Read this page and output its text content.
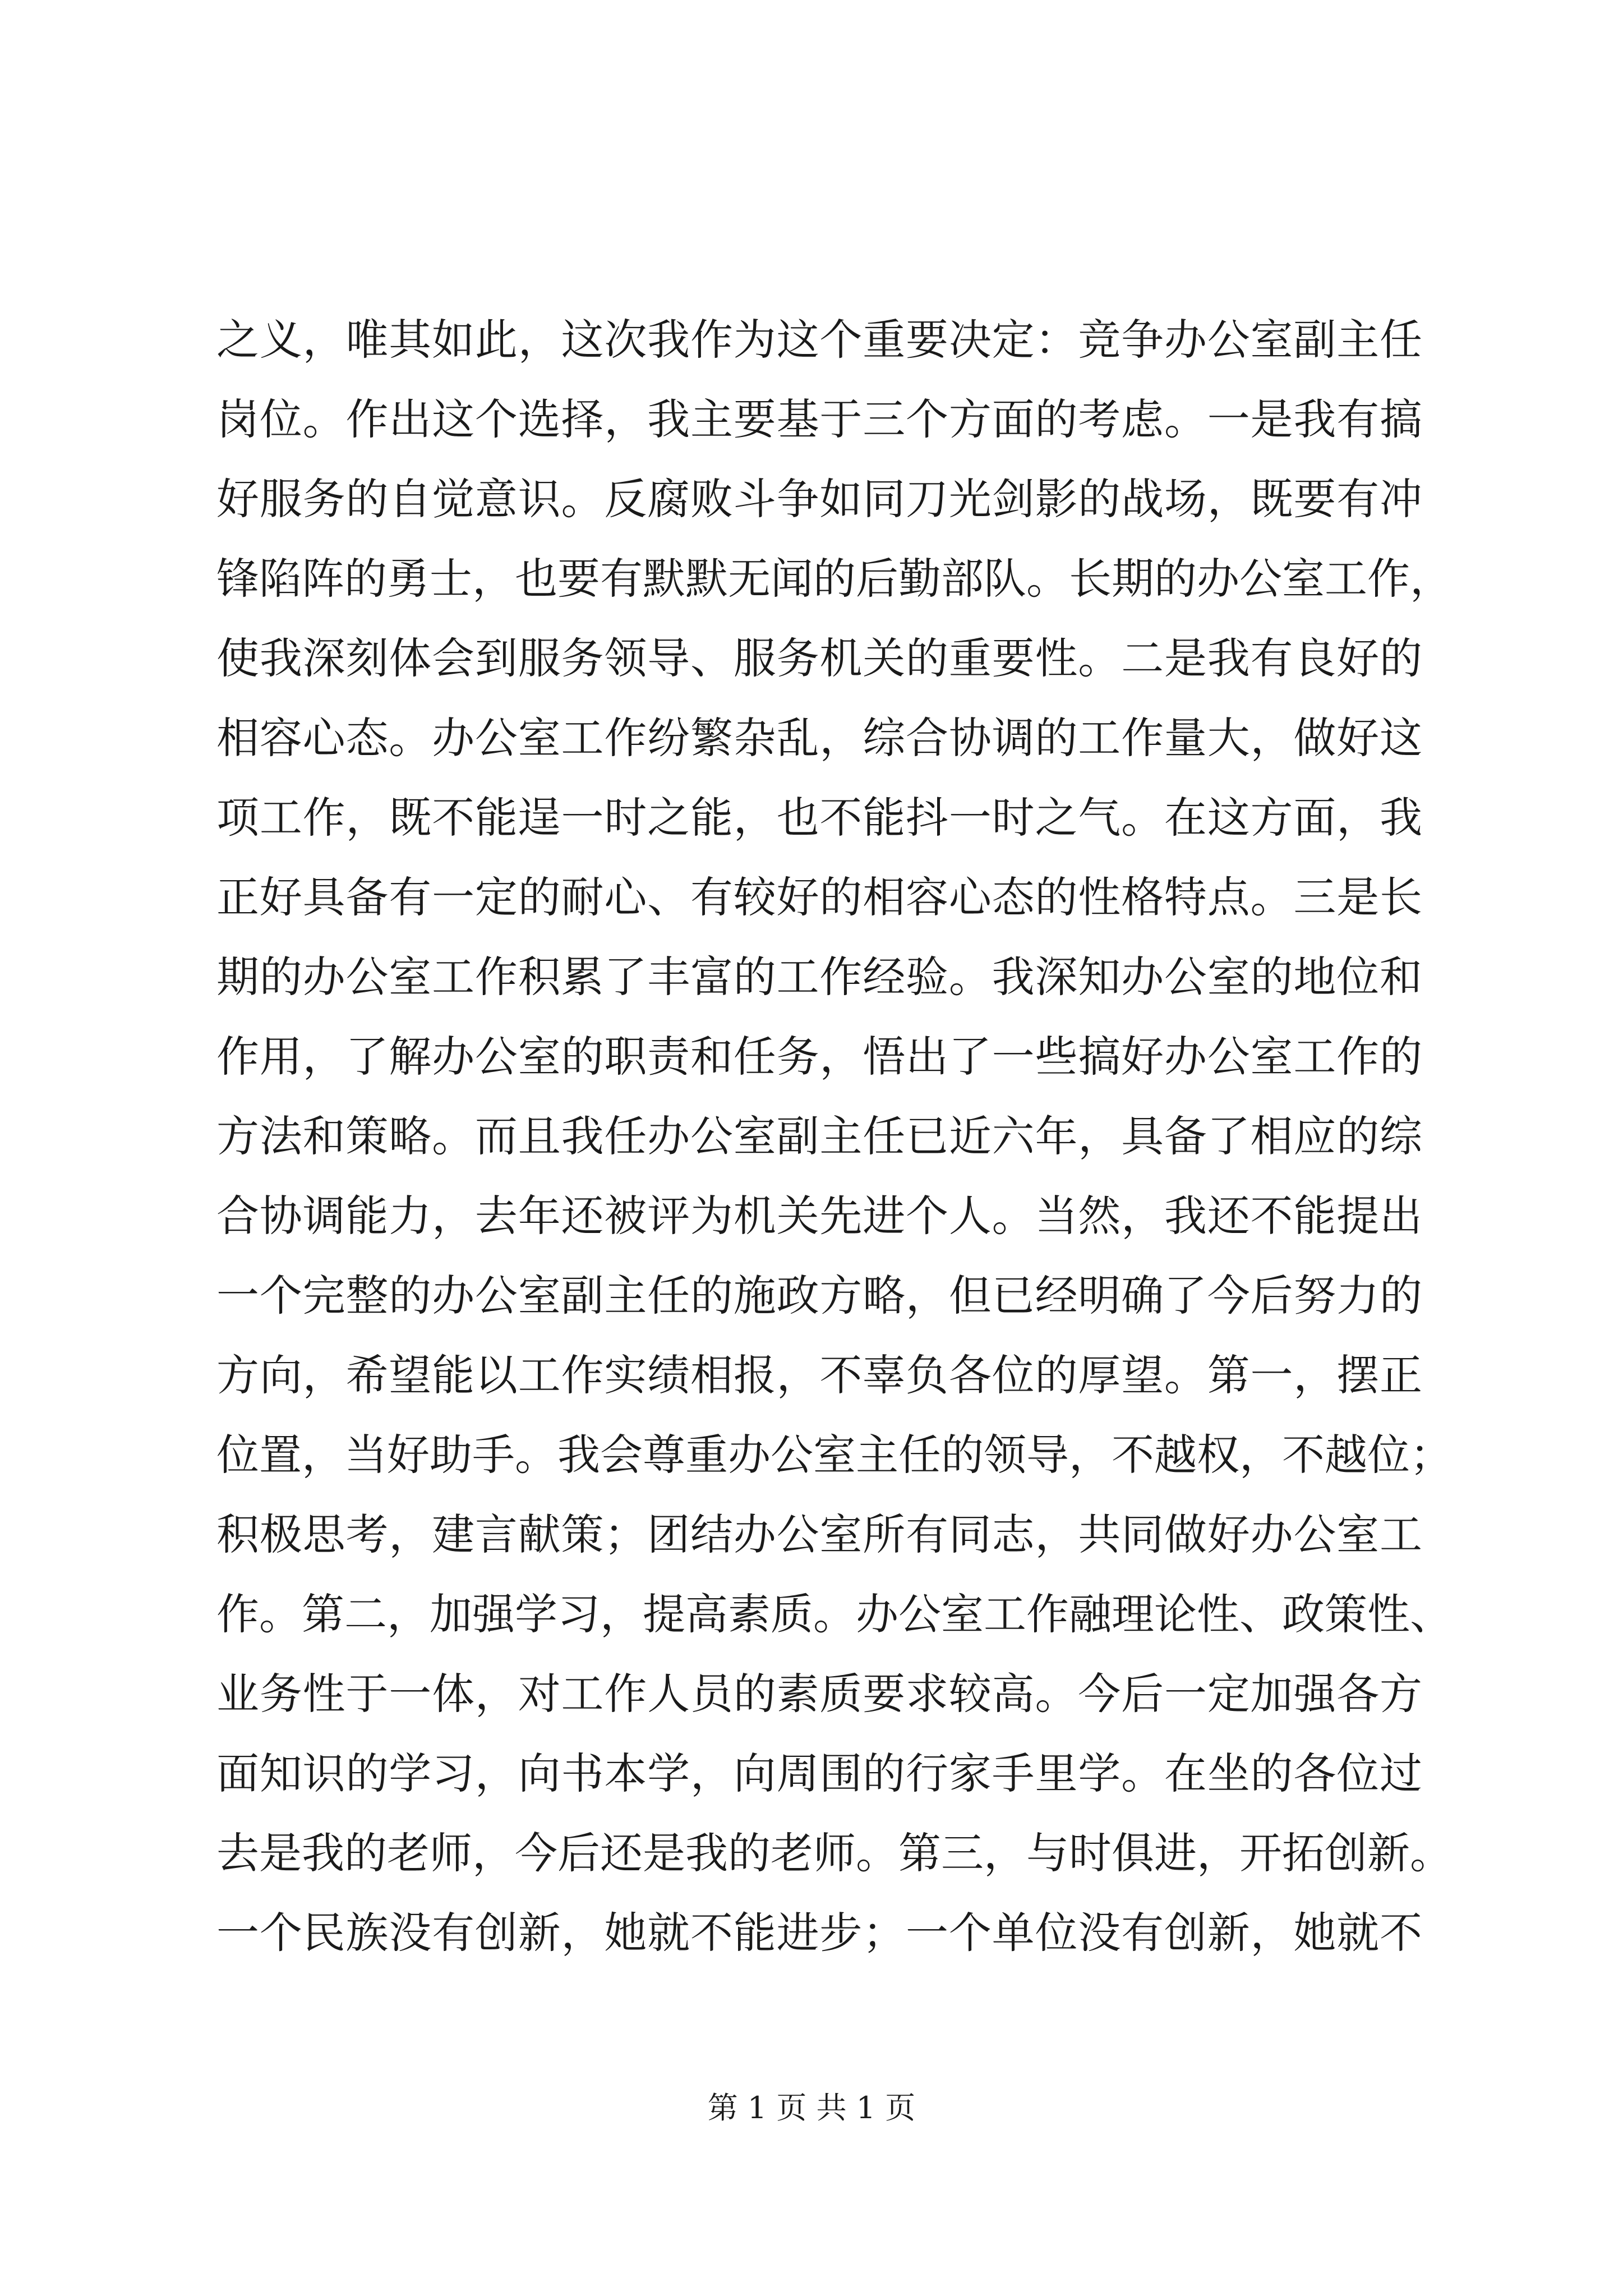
之义，唯其如此，这次我作为这个重要决定：竞争办公室副主任
岗位。作出这个选择，我主要基于三个方面的考虑。一是我有搞
好服务的自觉意识。反腐败斗争如同刀光剑影的战场，既要有冲
锋陷阵的勇士，也要有默默无闻的后勤部队。长期的办公室工作，
使我深刻体会到服务领导、服务机关的重要性。二是我有良好的
相容心态。办公室工作纷繁杂乱，综合协调的工作量大，做好这
项工作，既不能逞一时之能，也不能抖一时之气。在这方面，我
正好具备有一定的耐心、有较好的相容心态的性格特点。三是长
期的办公室工作积累了丰富的工作经验。我深知办公室的地位和
作用，了解办公室的职责和任务，悟出了一些搞好办公室工作的
方法和策略。而且我任办公室副主任已近六年，具备了相应的综
合协调能力，去年还被评为机关先进个人。当然，我还不能提出
一个完整的办公室副主任的施政方略，但已经明确了今后努力的
方向，希望能以工作实绩相报，不辜负各位的厚望。第一，摆正
位置，当好助手。我会尊重办公室主任的领导，不越权，不越位；
积极思考，建言献策；团结办公室所有同志，共同做好办公室工
作。第二，加强学习，提高素质。办公室工作融理论性、政策性、
业务性于一体，对工作人员的素质要求较高。今后一定加强各方
面知识的学习，向书本学，向周围的行家手里学。在坐的各位过
去是我的老师，今后还是我的老师。第三，与时俱进，开拓创新。
一个民族没有创新，她就不能进步；一个单位没有创新，她就不
第 1 页 共 1 页
